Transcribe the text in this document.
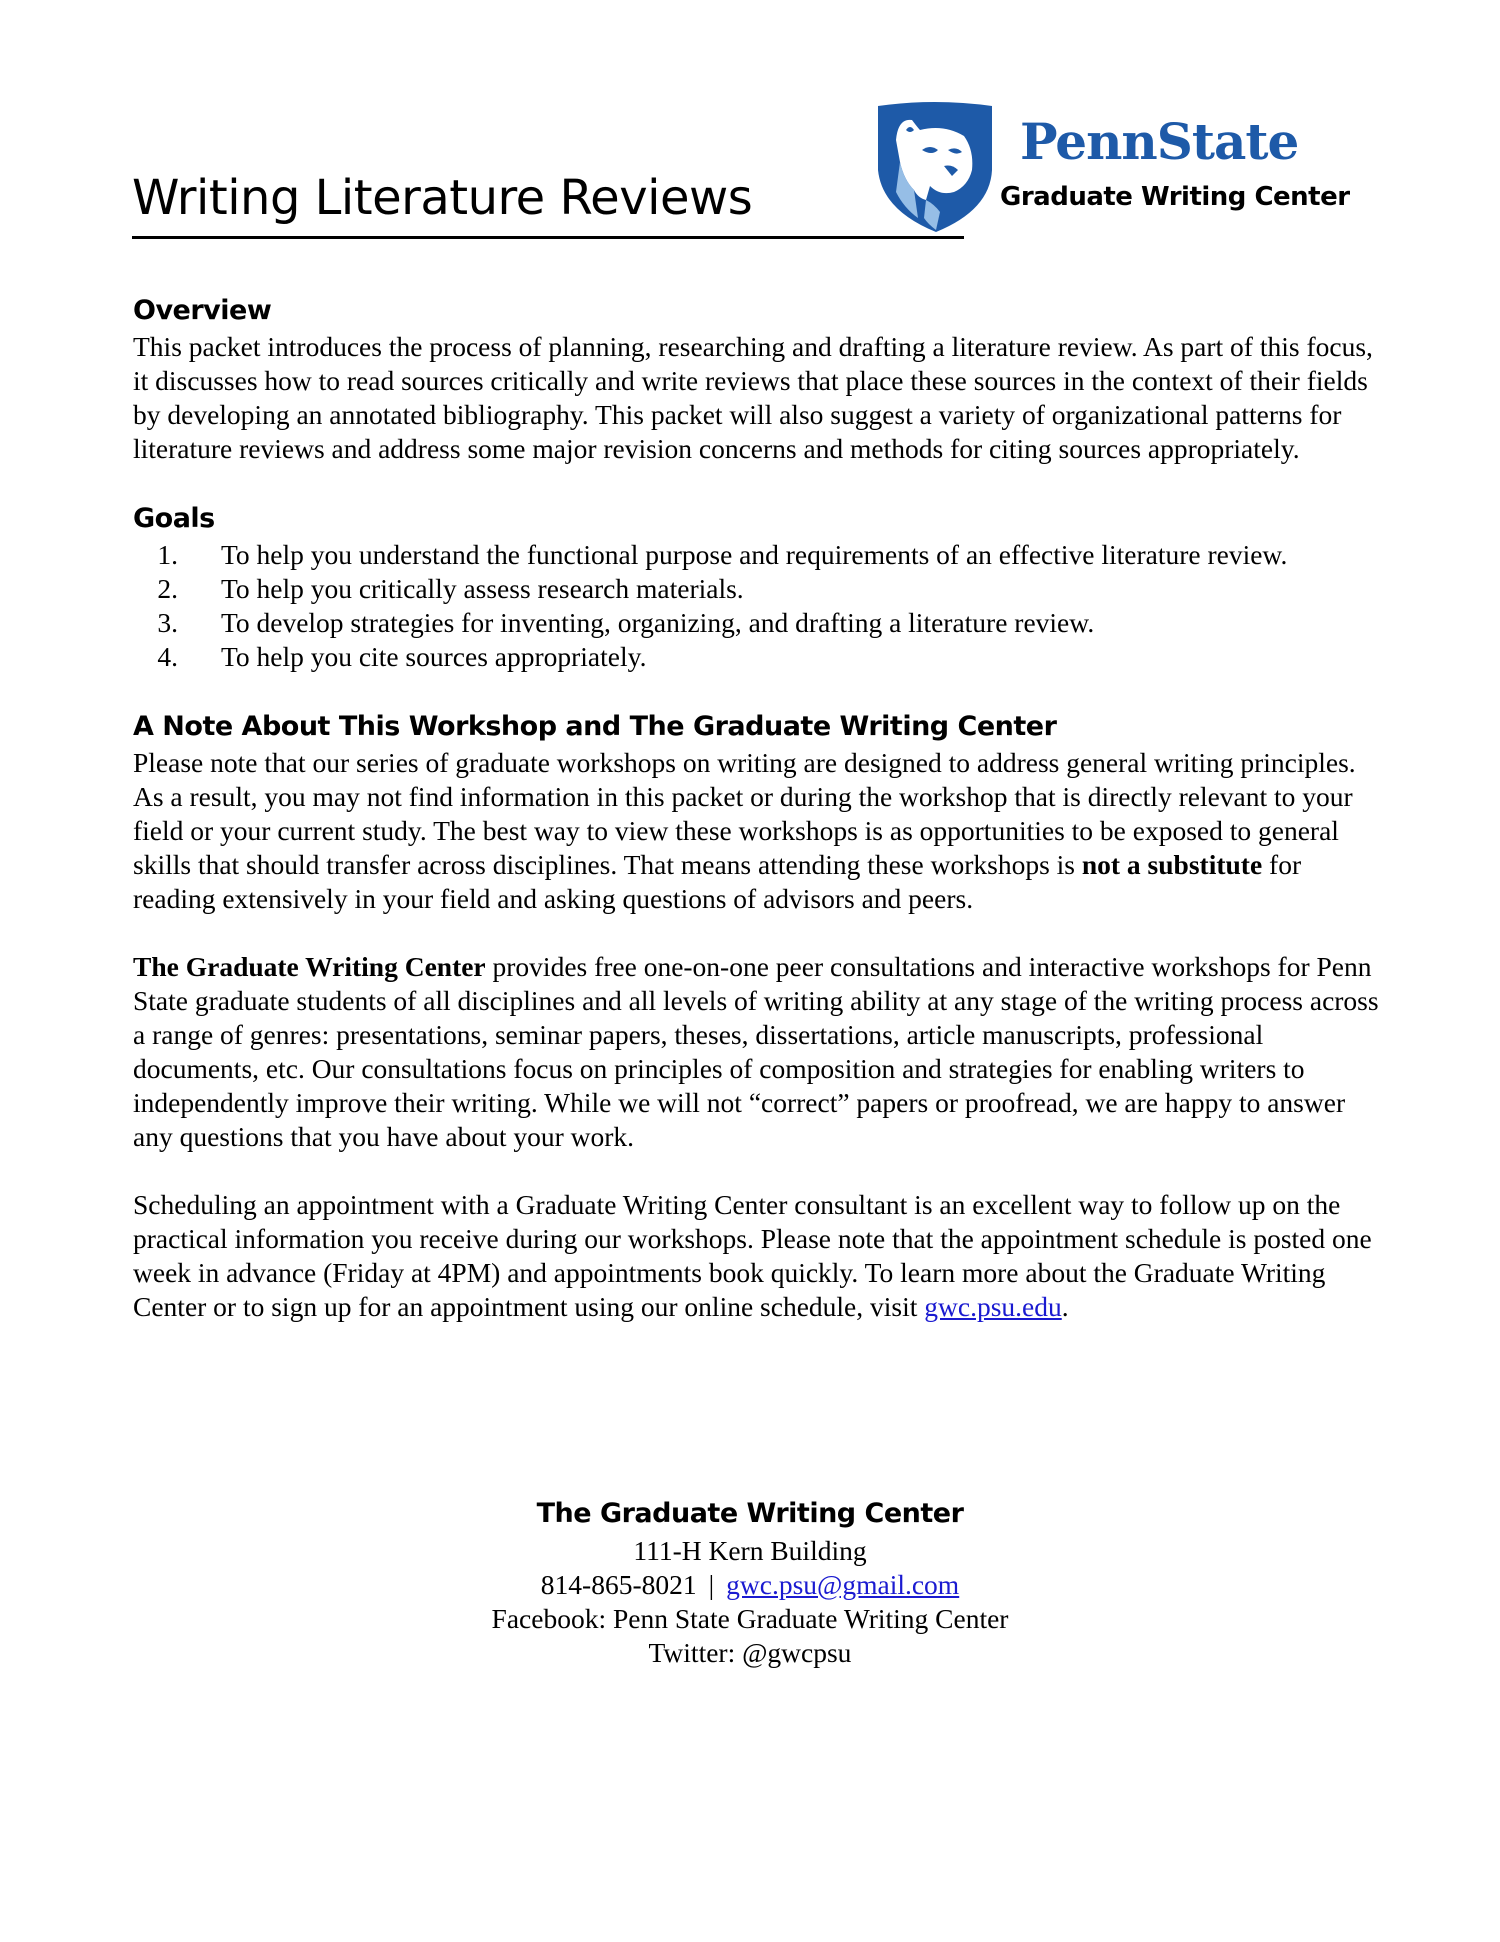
Writing Literature Reviews
PennState
Graduate Writing Center
Overview

This packet introduces the process of planning, researching and drafting a literature review. As part of this focus, it discusses how to read sources critically and write reviews that place these sources in the context of their fields by developing an annotated bibliography. This packet will also suggest a variety of organizational patterns for literature reviews and address some major revision concerns and methods for citing sources appropriately.

Goals
1.	To help you understand the functional purpose and requirements of an effective literature review.
2.	To help you critically assess research materials.
3.	To develop strategies for inventing, organizing, and drafting a literature review.
4.	To help you cite sources appropriately.
A Note About This Workshop and The Graduate Writing Center

Please note that our series of graduate workshops on writing are designed to address general writing principles. As a result, you may not find information in this packet or during the workshop that is directly relevant to your field or your current study. The best way to view these workshops is as opportunities to be exposed to general skills that should transfer across disciplines. That means attending these workshops is not a substitute for reading extensively in your field and asking questions of advisors and peers.

The Graduate Writing Center provides free one-on-one peer consultations and interactive workshops for Penn State graduate students of all disciplines and all levels of writing ability at any stage of the writing process across a range of genres: presentations, seminar papers, theses, dissertations, article manuscripts, professional documents, etc. Our consultations focus on principles of composition and strategies for enabling writers to independently improve their writing. While we will not “correct” papers or proofread, we are happy to answer any questions that you have about your work.

Scheduling an appointment with a Graduate Writing Center consultant is an excellent way to follow up on the practical information you receive during our workshops. Please note that the appointment schedule is posted one week in advance (Friday at 4PM) and appointments book quickly. To learn more about the Graduate Writing Center or to sign up for an appointment using our online schedule, visit gwc.psu.edu.

The Graduate Writing Center
111-H Kern Building
814-865-8021 | gwc.psu@gmail.com
Facebook: Penn State Graduate Writing Center
Twitter: @gwcpsu
